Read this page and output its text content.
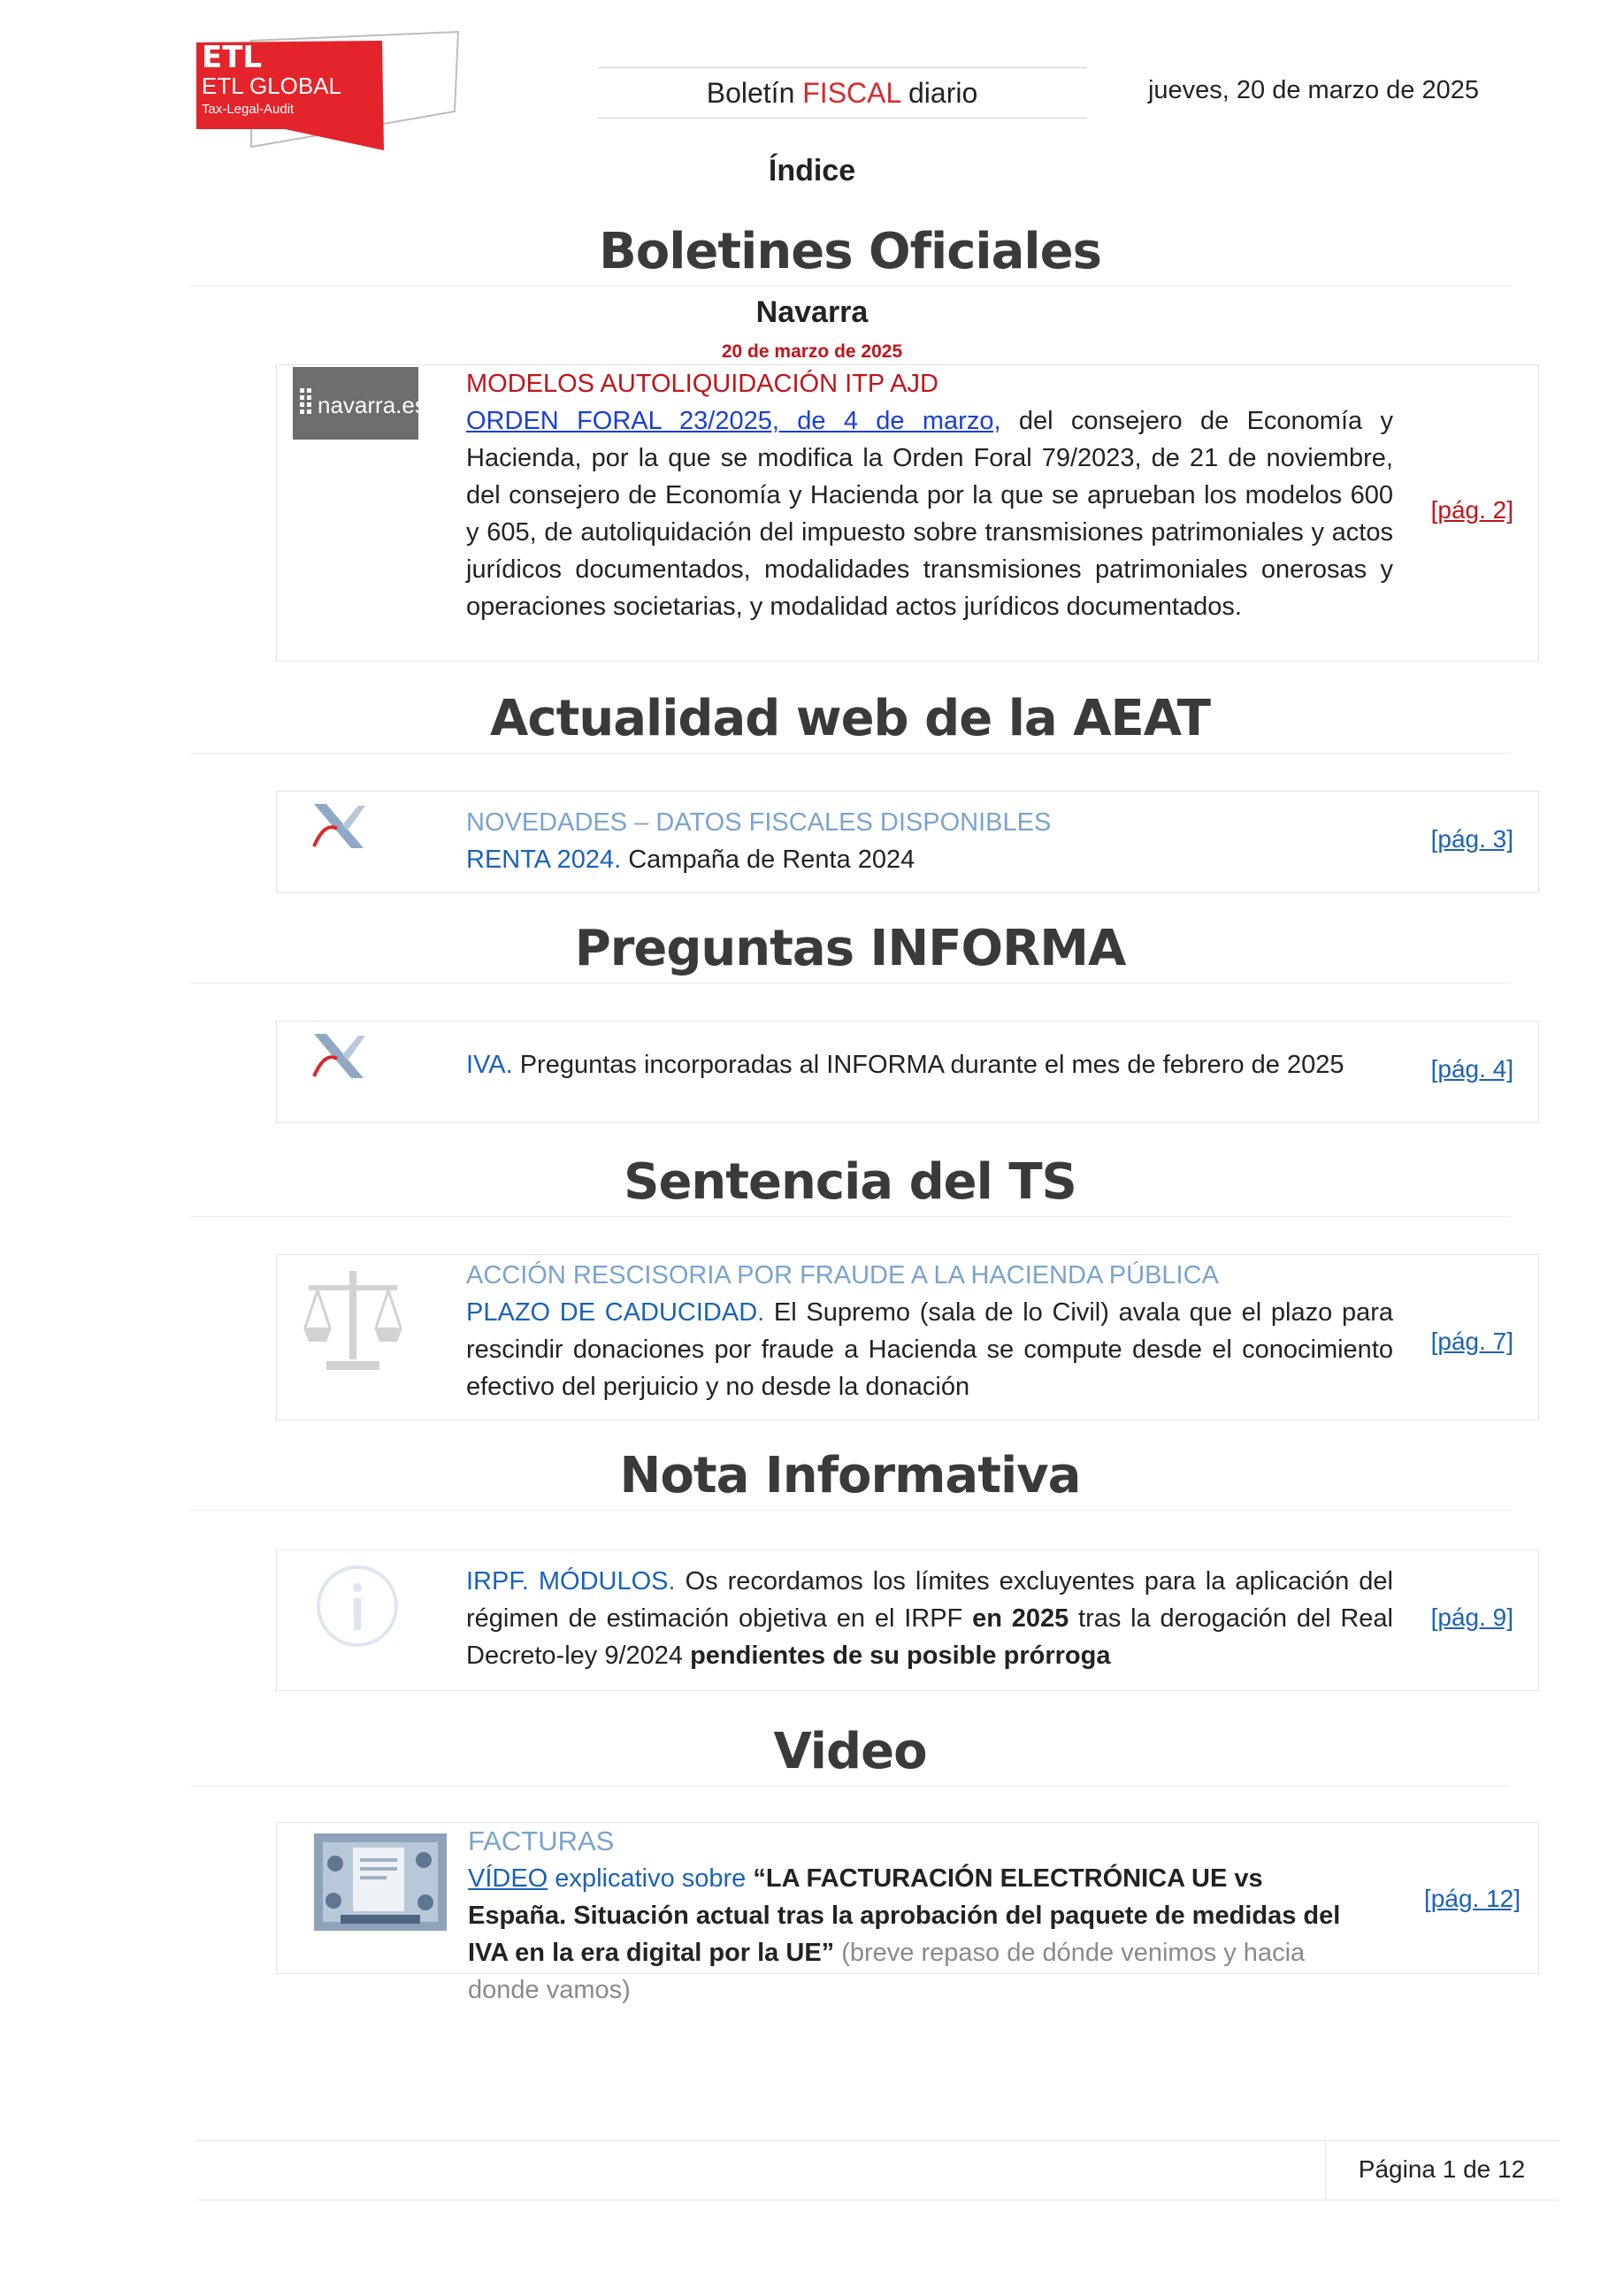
ETL
ETL GLOBAL
Tax-Legal-Audit
Boletín FISCAL diario	jueves, 20 de marzo de 2025
Índice
Boletines Oficiales
Navarra
20 de marzo de 2025
navarra.es
MODELOS AUTOLIQUIDACIÓN ITP AJD
ORDEN FORAL 23/2025, de 4 de marzo, del consejero de Economía y Hacienda, por la que se modifica la Orden Foral 79/2023, de 21 de noviembre, del consejero de Economía y Hacienda por la que se aprueban los modelos 600 y 605, de autoliquidación del impuesto sobre transmisiones patrimoniales y actos jurídicos documentados, modalidades transmisiones patrimoniales onerosas y operaciones societarias, y modalidad actos jurídicos documentados.
[pág. 2]
Actualidad web de la AEAT
NOVEDADES – DATOS FISCALES DISPONIBLES
RENTA 2024. Campaña de Renta 2024
[pág. 3]
Preguntas INFORMA
IVA. Preguntas incorporadas al INFORMA durante el mes de febrero de 2025	[pág. 4]
Sentencia del TS
ACCIÓN RESCISORIA POR FRAUDE A LA HACIENDA PÚBLICA
PLAZO DE CADUCIDAD. El Supremo (sala de lo Civil) avala que el plazo para rescindir donaciones por fraude a Hacienda se compute desde el conocimiento efectivo del perjuicio y no desde la donación
[pág. 7]
Nota Informativa
IRPF. MÓDULOS. Os recordamos los límites excluyentes para la aplicación del régimen de estimación objetiva en el IRPF en 2025 tras la derogación del Real Decreto-ley 9/2024 pendientes de su posible prórroga
[pág. 9]
Video
FACTURAS
VÍDEO explicativo sobre “LA FACTURACIÓN ELECTRÓNICA UE vs España. Situación actual tras la aprobación del paquete de medidas del IVA en la era digital por la UE” (breve repaso de dónde venimos y hacia donde vamos)
[pág. 12]
Página 1 de 12
